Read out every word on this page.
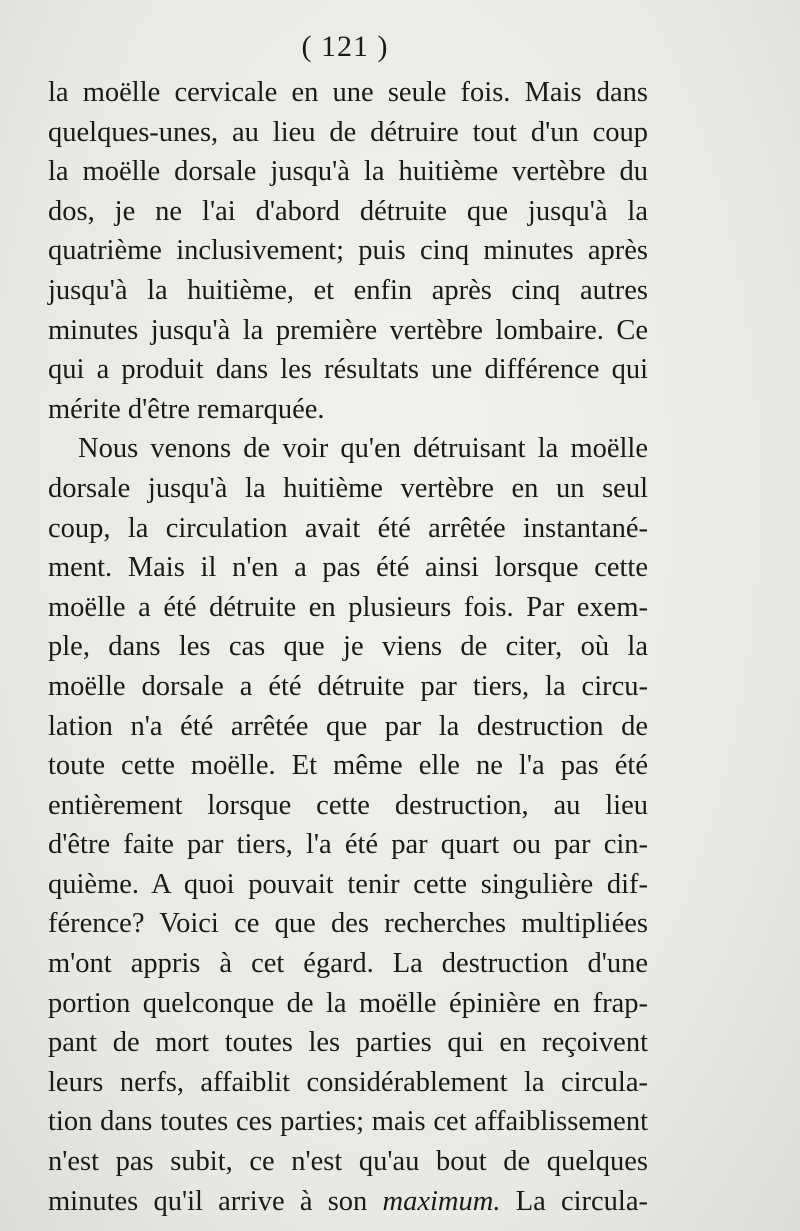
( 121 )
la moëlle cervicale en une seule fois. Mais dans
quelques-unes, au lieu de détruire tout d'un coup
la moëlle dorsale jusqu'à la huitième vertèbre du
dos, je ne l'ai d'abord détruite que jusqu'à la
quatrième inclusivement; puis cinq minutes après
jusqu'à la huitième, et enfin après cinq autres
minutes jusqu'à la première vertèbre lombaire. Ce
qui a produit dans les résultats une différence qui
mérite d'être remarquée.
Nous venons de voir qu'en détruisant la moëlle
dorsale jusqu'à la huitième vertèbre en un seul
coup, la circulation avait été arrêtée instantané-
ment. Mais il n'en a pas été ainsi lorsque cette
moëlle a été détruite en plusieurs fois. Par exem-
ple, dans les cas que je viens de citer, où la
moëlle dorsale a été détruite par tiers, la circu-
lation n'a été arrêtée que par la destruction de
toute cette moëlle. Et même elle ne l'a pas été
entièrement lorsque cette destruction, au lieu
d'être faite par tiers, l'a été par quart ou par cin-
quième. A quoi pouvait tenir cette singulière dif-
férence? Voici ce que des recherches multipliées
m'ont appris à cet égard. La destruction d'une
portion quelconque de la moëlle épinière en frap-
pant de mort toutes les parties qui en reçoivent
leurs nerfs, affaiblit considérablement la circula-
tion dans toutes ces parties; mais cet affaiblissement
n'est pas subit, ce n'est qu'au bout de quelques
minutes qu'il arrive à son maximum. La circula-
